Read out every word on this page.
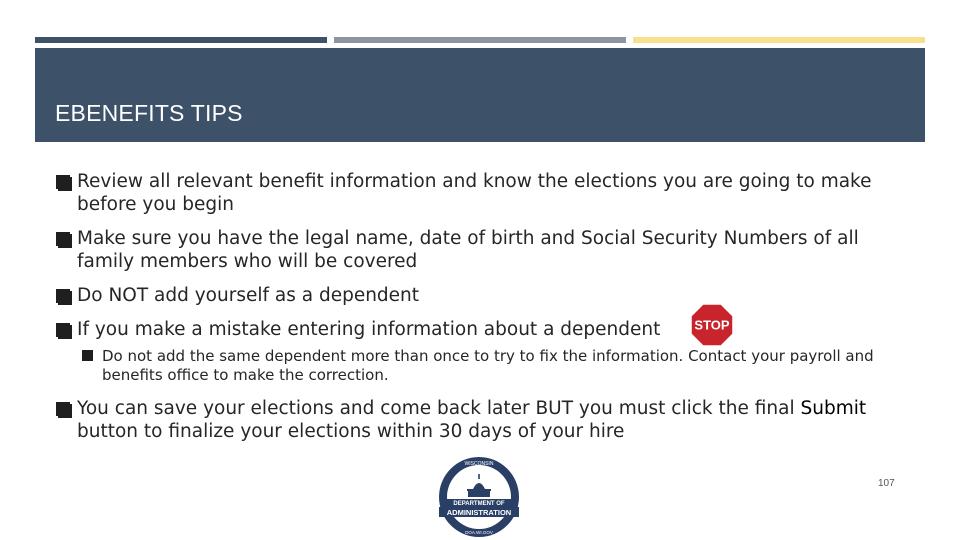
EBENEFITS TIPS
Review all relevant benefit information and know the elections you are going to make before you begin
Make sure you have the legal name, date of birth and Social Security Numbers of all family members who will be covered
Do NOT add yourself as a dependent
If you make a mistake entering information about a dependent
Do not add the same dependent more than once to try to fix the information. Contact your payroll and benefits office to make the correction.
You can save your elections and come back later BUT you must click the final Submit button to finalize your elections within 30 days of your hire
STOP
WISCONSIN
DEPARTMENT OF
ADMINISTRATION
DOA.WI.GOV
107
